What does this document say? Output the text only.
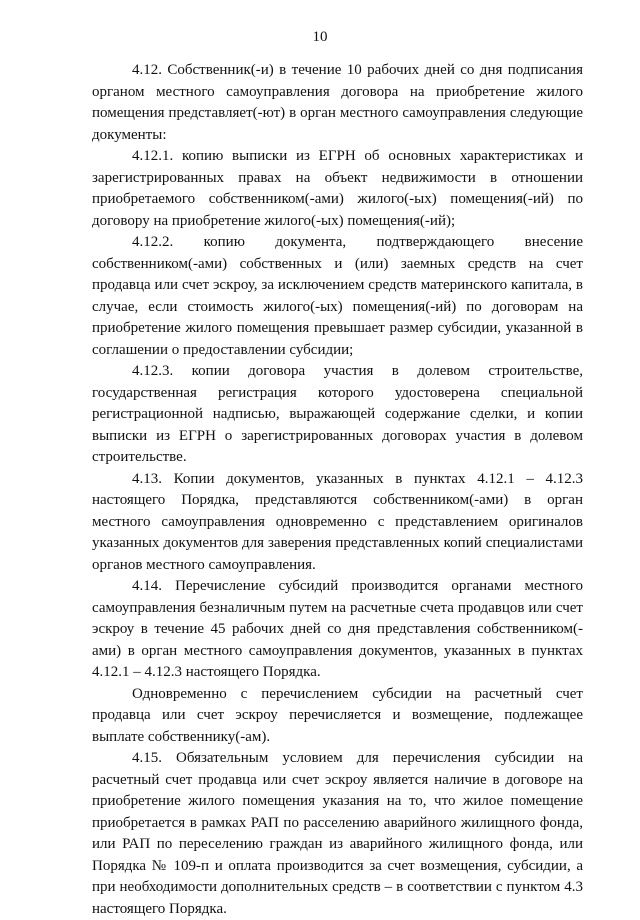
10

4.12. Собственник(-и) в течение 10 рабочих дней со дня подписания органом местного самоуправления договора на приобретение жилого помещения представляет(-ют) в орган местного самоуправления следующие документы:

4.12.1. копию выписки из ЕГРН об основных характеристиках и зарегистрированных правах на объект недвижимости в отношении приобретаемого собственником(-ами) жилого(-ых) помещения(-ий) по договору на приобретение жилого(-ых) помещения(-ий);

4.12.2. копию документа, подтверждающего внесение собственником(-ами) собственных и (или) заемных средств на счет продавца или счет эскроу, за исключением средств материнского капитала, в случае, если стоимость жилого(-ых) помещения(-ий) по договорам на приобретение жилого помещения превышает размер субсидии, указанной в соглашении о предоставлении субсидии;

4.12.3. копии договора участия в долевом строительстве, государственная регистрация которого удостоверена специальной регистрационной надписью, выражающей содержание сделки, и копии выписки из ЕГРН о зарегистрированных договорах участия в долевом строительстве.

4.13. Копии документов, указанных в пунктах 4.12.1 – 4.12.3 настоящего Порядка, представляются собственником(-ами) в орган местного самоуправления одновременно с представлением оригиналов указанных документов для заверения представленных копий специалистами органов местного самоуправления.

4.14. Перечисление субсидий производится органами местного самоуправления безналичным путем на расчетные счета продавцов или счет эскроу в течение 45 рабочих дней со дня представления собственником(-ами) в орган местного самоуправления документов, указанных в пунктах 4.12.1 – 4.12.3 настоящего Порядка.

Одновременно с перечислением субсидии на расчетный счет продавца или счет эскроу перечисляется и возмещение, подлежащее выплате собственнику(-ам).

4.15. Обязательным условием для перечисления субсидии на расчетный счет продавца или счет эскроу является наличие в договоре на приобретение жилого помещения указания на то, что жилое помещение приобретается в рамках РАП по расселению аварийного жилищного фонда, или РАП по переселению граждан из аварийного жилищного фонда, или Порядка № 109-п и оплата производится за счет возмещения, субсидии, а при необходимости дополнительных средств – в соответствии с пунктом 4.3 настоящего Порядка.
